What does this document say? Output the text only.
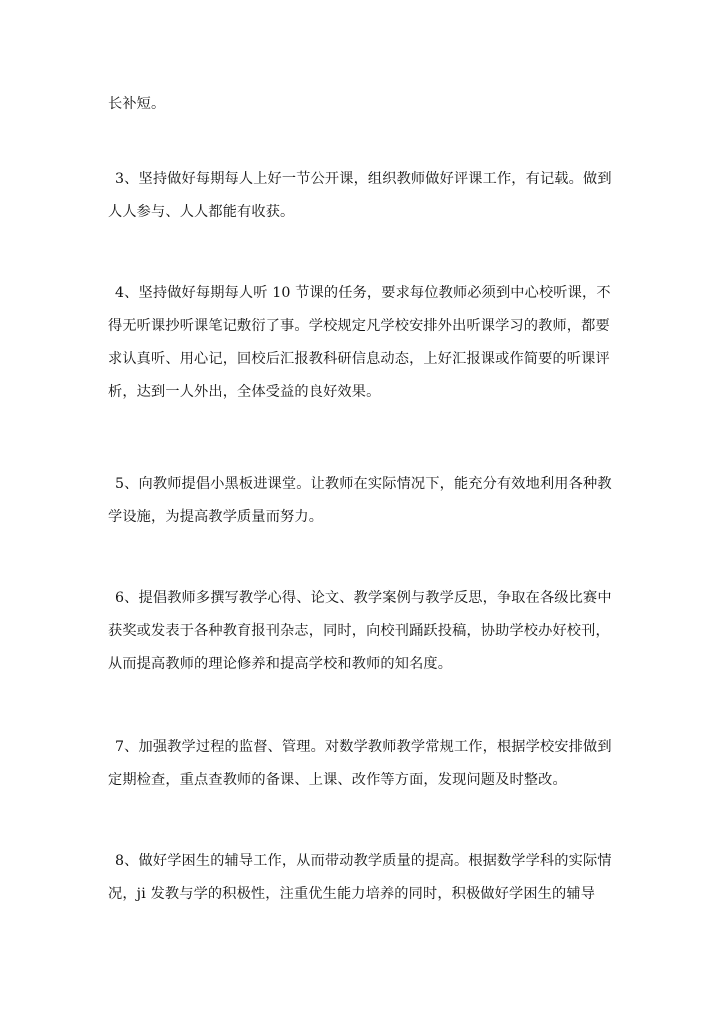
长补短。
3、坚持做好每期每人上好一节公开课，组织教师做好评课工作，有记载。做到
人人参与、人人都能有收获。
4、坚持做好每期每人听 10 节课的任务，要求每位教师必须到中心校听课，不
得无听课抄听课笔记敷衍了事。学校规定凡学校安排外出听课学习的教师，都要
求认真听、用心记，回校后汇报教科研信息动态，上好汇报课或作简要的听课评
析，达到一人外出，全体受益的良好效果。
5、向教师提倡小黑板进课堂。让教师在实际情况下，能充分有效地利用各种教
学设施，为提高教学质量而努力。
6、提倡教师多撰写教学心得、论文、教学案例与教学反思，争取在各级比赛中
获奖或发表于各种教育报刊杂志，同时，向校刊踊跃投稿，协助学校办好校刊，
从而提高教师的理论修养和提高学校和教师的知名度。
7、加强教学过程的监督、管理。对数学教师教学常规工作，根据学校安排做到
定期检查，重点查教师的备课、上课、改作等方面，发现问题及时整改。
8、做好学困生的辅导工作，从而带动教学质量的提高。根据数学学科的实际情
况，ji 发教与学的积极性，注重优生能力培养的同时，积极做好学困生的辅导
